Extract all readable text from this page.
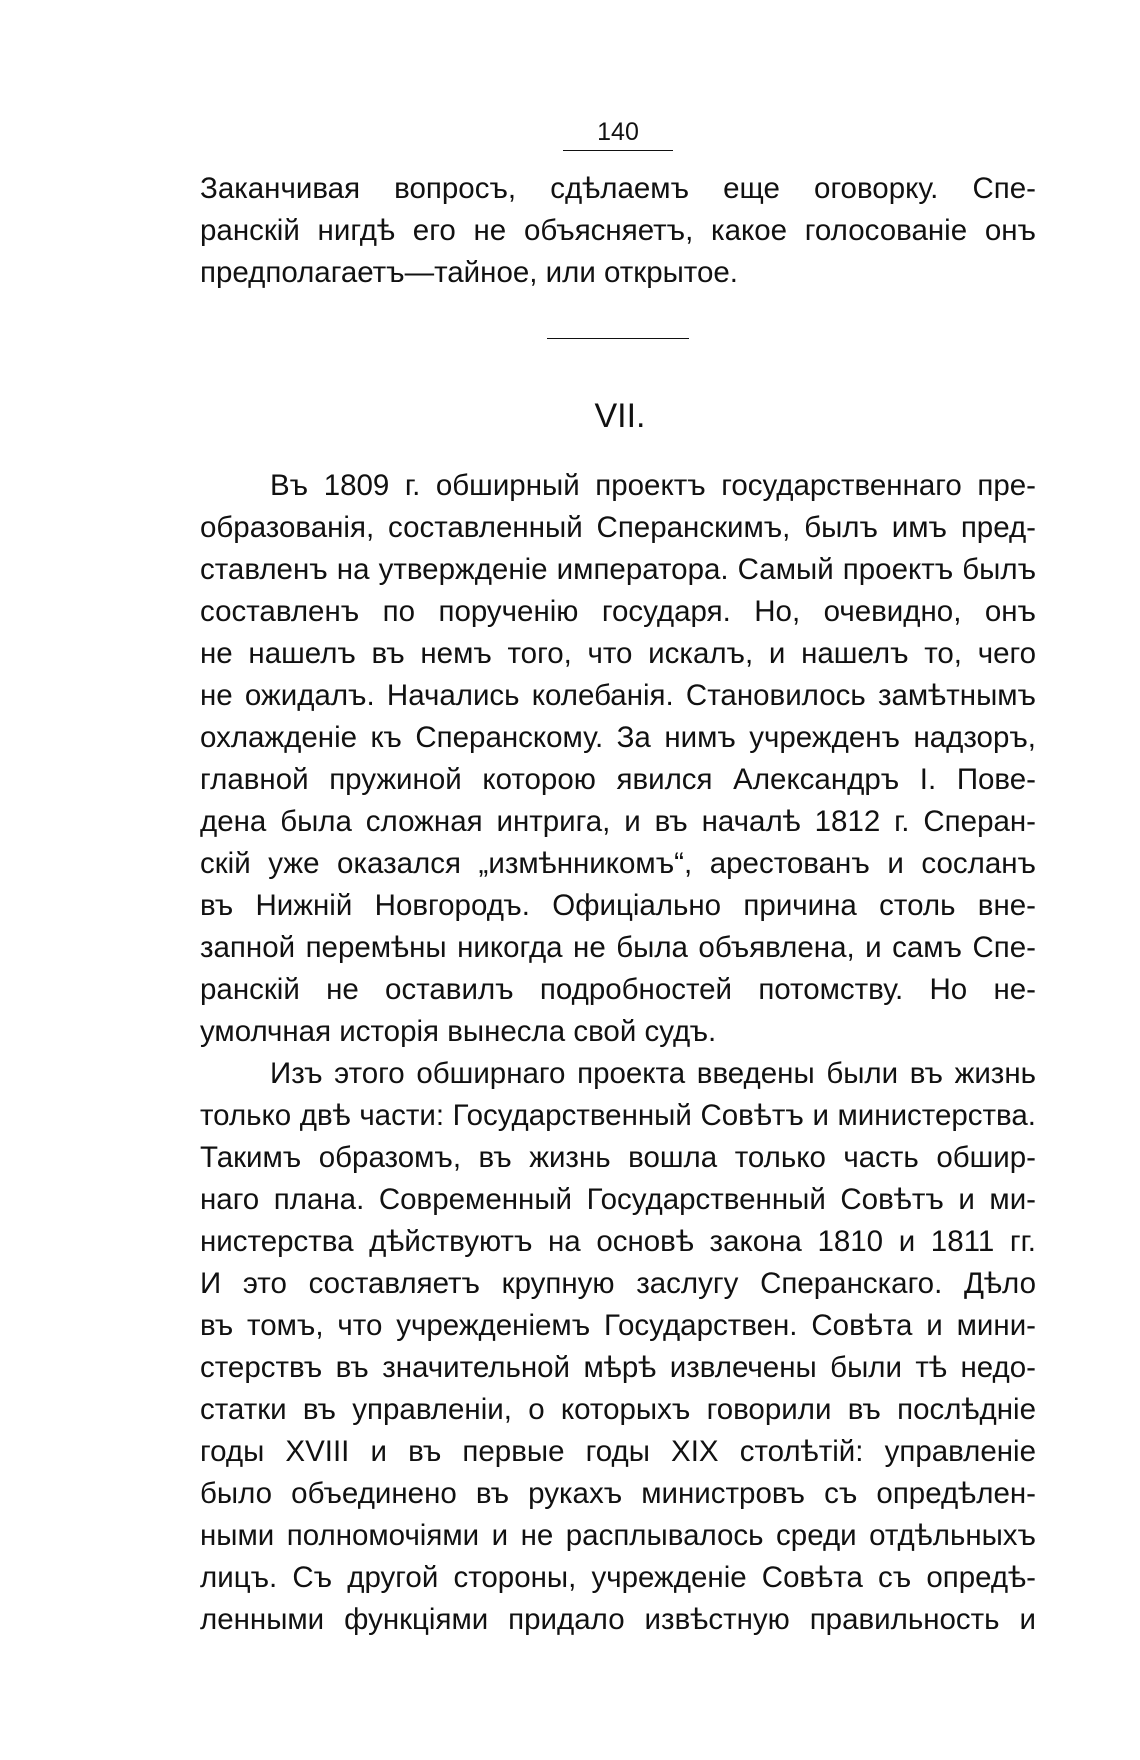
140
Заканчивая вопросъ, сдѣлаемъ еще оговорку. Спе-
ранскій нигдѣ его не объясняетъ, какое голосованіе онъ
предполагаетъ—тайное, или открытое.
VII.
Въ 1809 г. обширный проектъ государственнаго пре-
образованія, составленный Сперанскимъ, былъ имъ пред-
ставленъ на утвержденіе императора. Самый проектъ былъ
составленъ по порученію государя. Но, очевидно, онъ
не нашелъ въ немъ того, что искалъ, и нашелъ то, чего
не ожидалъ. Начались колебанія. Становилось замѣтнымъ
охлажденіе къ Сперанскому. За нимъ учрежденъ надзоръ,
главной пружиной которою явился Александръ I. Пове-
дена была сложная интрига, и въ началѣ 1812 г. Сперан-
скій уже оказался „измѣнникомъ“, арестованъ и сосланъ
въ Нижній Новгородъ. Офиціально причина столь вне-
запной перемѣны никогда не была объявлена, и самъ Спе-
ранскій не оставилъ подробностей потомству. Но не-
умолчная исторія вынесла свой судъ.
Изъ этого обширнаго проекта введены были въ жизнь
только двѣ части: Государственный Совѣтъ и министерства.
Такимъ образомъ, въ жизнь вошла только часть обшир-
наго плана. Современный Государственный Совѣтъ и ми-
нистерства дѣйствуютъ на основѣ закона 1810 и 1811 гг.
И это составляетъ крупную заслугу Сперанскаго. Дѣло
въ томъ, что учрежденіемъ Государствен. Совѣта и мини-
стерствъ въ значительной мѣрѣ извлечены были тѣ недо-
статки въ управленіи, о которыхъ говорили въ послѣдніе
годы XVIII и въ первые годы XIX столѣтій: управленіе
было объединено въ рукахъ министровъ съ опредѣлен-
ными полномочіями и не расплывалось среди отдѣльныхъ
лицъ. Съ другой стороны, учрежденіе Совѣта съ опредѣ-
ленными функціями придало извѣстную правильность и
